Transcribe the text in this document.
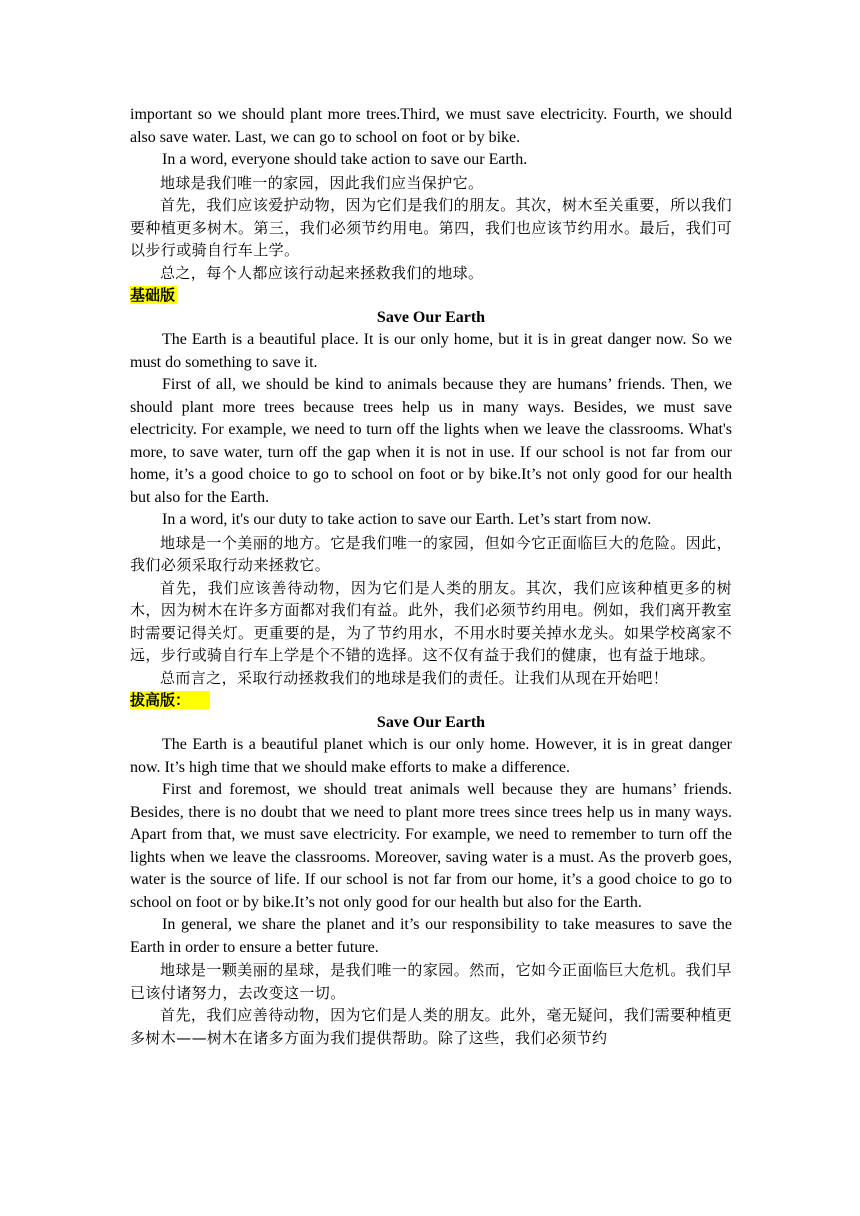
important so we should plant more trees.Third, we must save electricity. Fourth, we should also save water. Last, we can go to school on foot or by bike.

In a word, everyone should take action to save our Earth.

地球是我们唯一的家园，因此我们应当保护它。

首先，我们应该爱护动物，因为它们是我们的朋友。其次，树木至关重要，所以我们要种植更多树木。第三，我们必须节约用电。第四，我们也应该节约用水。最后，我们可以步行或骑自行车上学。

总之，每个人都应该行动起来拯救我们的地球。

基础版

Save Our Earth

The Earth is a beautiful place. It is our only home, but it is in great danger now. So we must do something to save it.

First of all, we should be kind to animals because they are humans’ friends. Then, we should plant more trees because trees help us in many ways. Besides, we must save electricity. For example, we need to turn off the lights when we leave the classrooms. What's more, to save water, turn off the gap when it is not in use. If our school is not far from our home, it’s a good choice to go to school on foot or by bike.It’s not only good for our health but also for the Earth.

In a word, it's our duty to take action to save our Earth. Let’s start from now.

地球是一个美丽的地方。它是我们唯一的家园，但如今它正面临巨大的危险。因此，我们必须采取行动来拯救它。

首先，我们应该善待动物，因为它们是人类的朋友。其次，我们应该种植更多的树木，因为树木在许多方面都对我们有益。此外，我们必须节约用电。例如，我们离开教室时需要记得关灯。更重要的是，为了节约用水，不用水时要关掉水龙头。如果学校离家不远，步行或骑自行车上学是个不错的选择。这不仅有益于我们的健康，也有益于地球。

总而言之，采取行动拯救我们的地球是我们的责任。让我们从现在开始吧！

拔高版：

Save Our Earth

The Earth is a beautiful planet which is our only home. However, it is in great danger now. It’s high time that we should make efforts to make a difference.

First and foremost, we should treat animals well because they are humans’ friends. Besides, there is no doubt that we need to plant more trees since trees help us in many ways. Apart from that, we must save electricity. For example, we need to remember to turn off the lights when we leave the classrooms. Moreover, saving water is a must. As the proverb goes, water is the source of life. If our school is not far from our home, it’s a good choice to go to school on foot or by bike.It’s not only good for our health but also for the Earth.

In general, we share the planet and it’s our responsibility to take measures to save the Earth in order to ensure a better future.

地球是一颗美丽的星球，是我们唯一的家园。然而，它如今正面临巨大危机。我们早已该付诸努力，去改变这一切。

首先，我们应善待动物，因为它们是人类的朋友。此外，毫无疑问，我们需要种植更多树木——树木在诸多方面为我们提供帮助。除了这些，我们必须节约
